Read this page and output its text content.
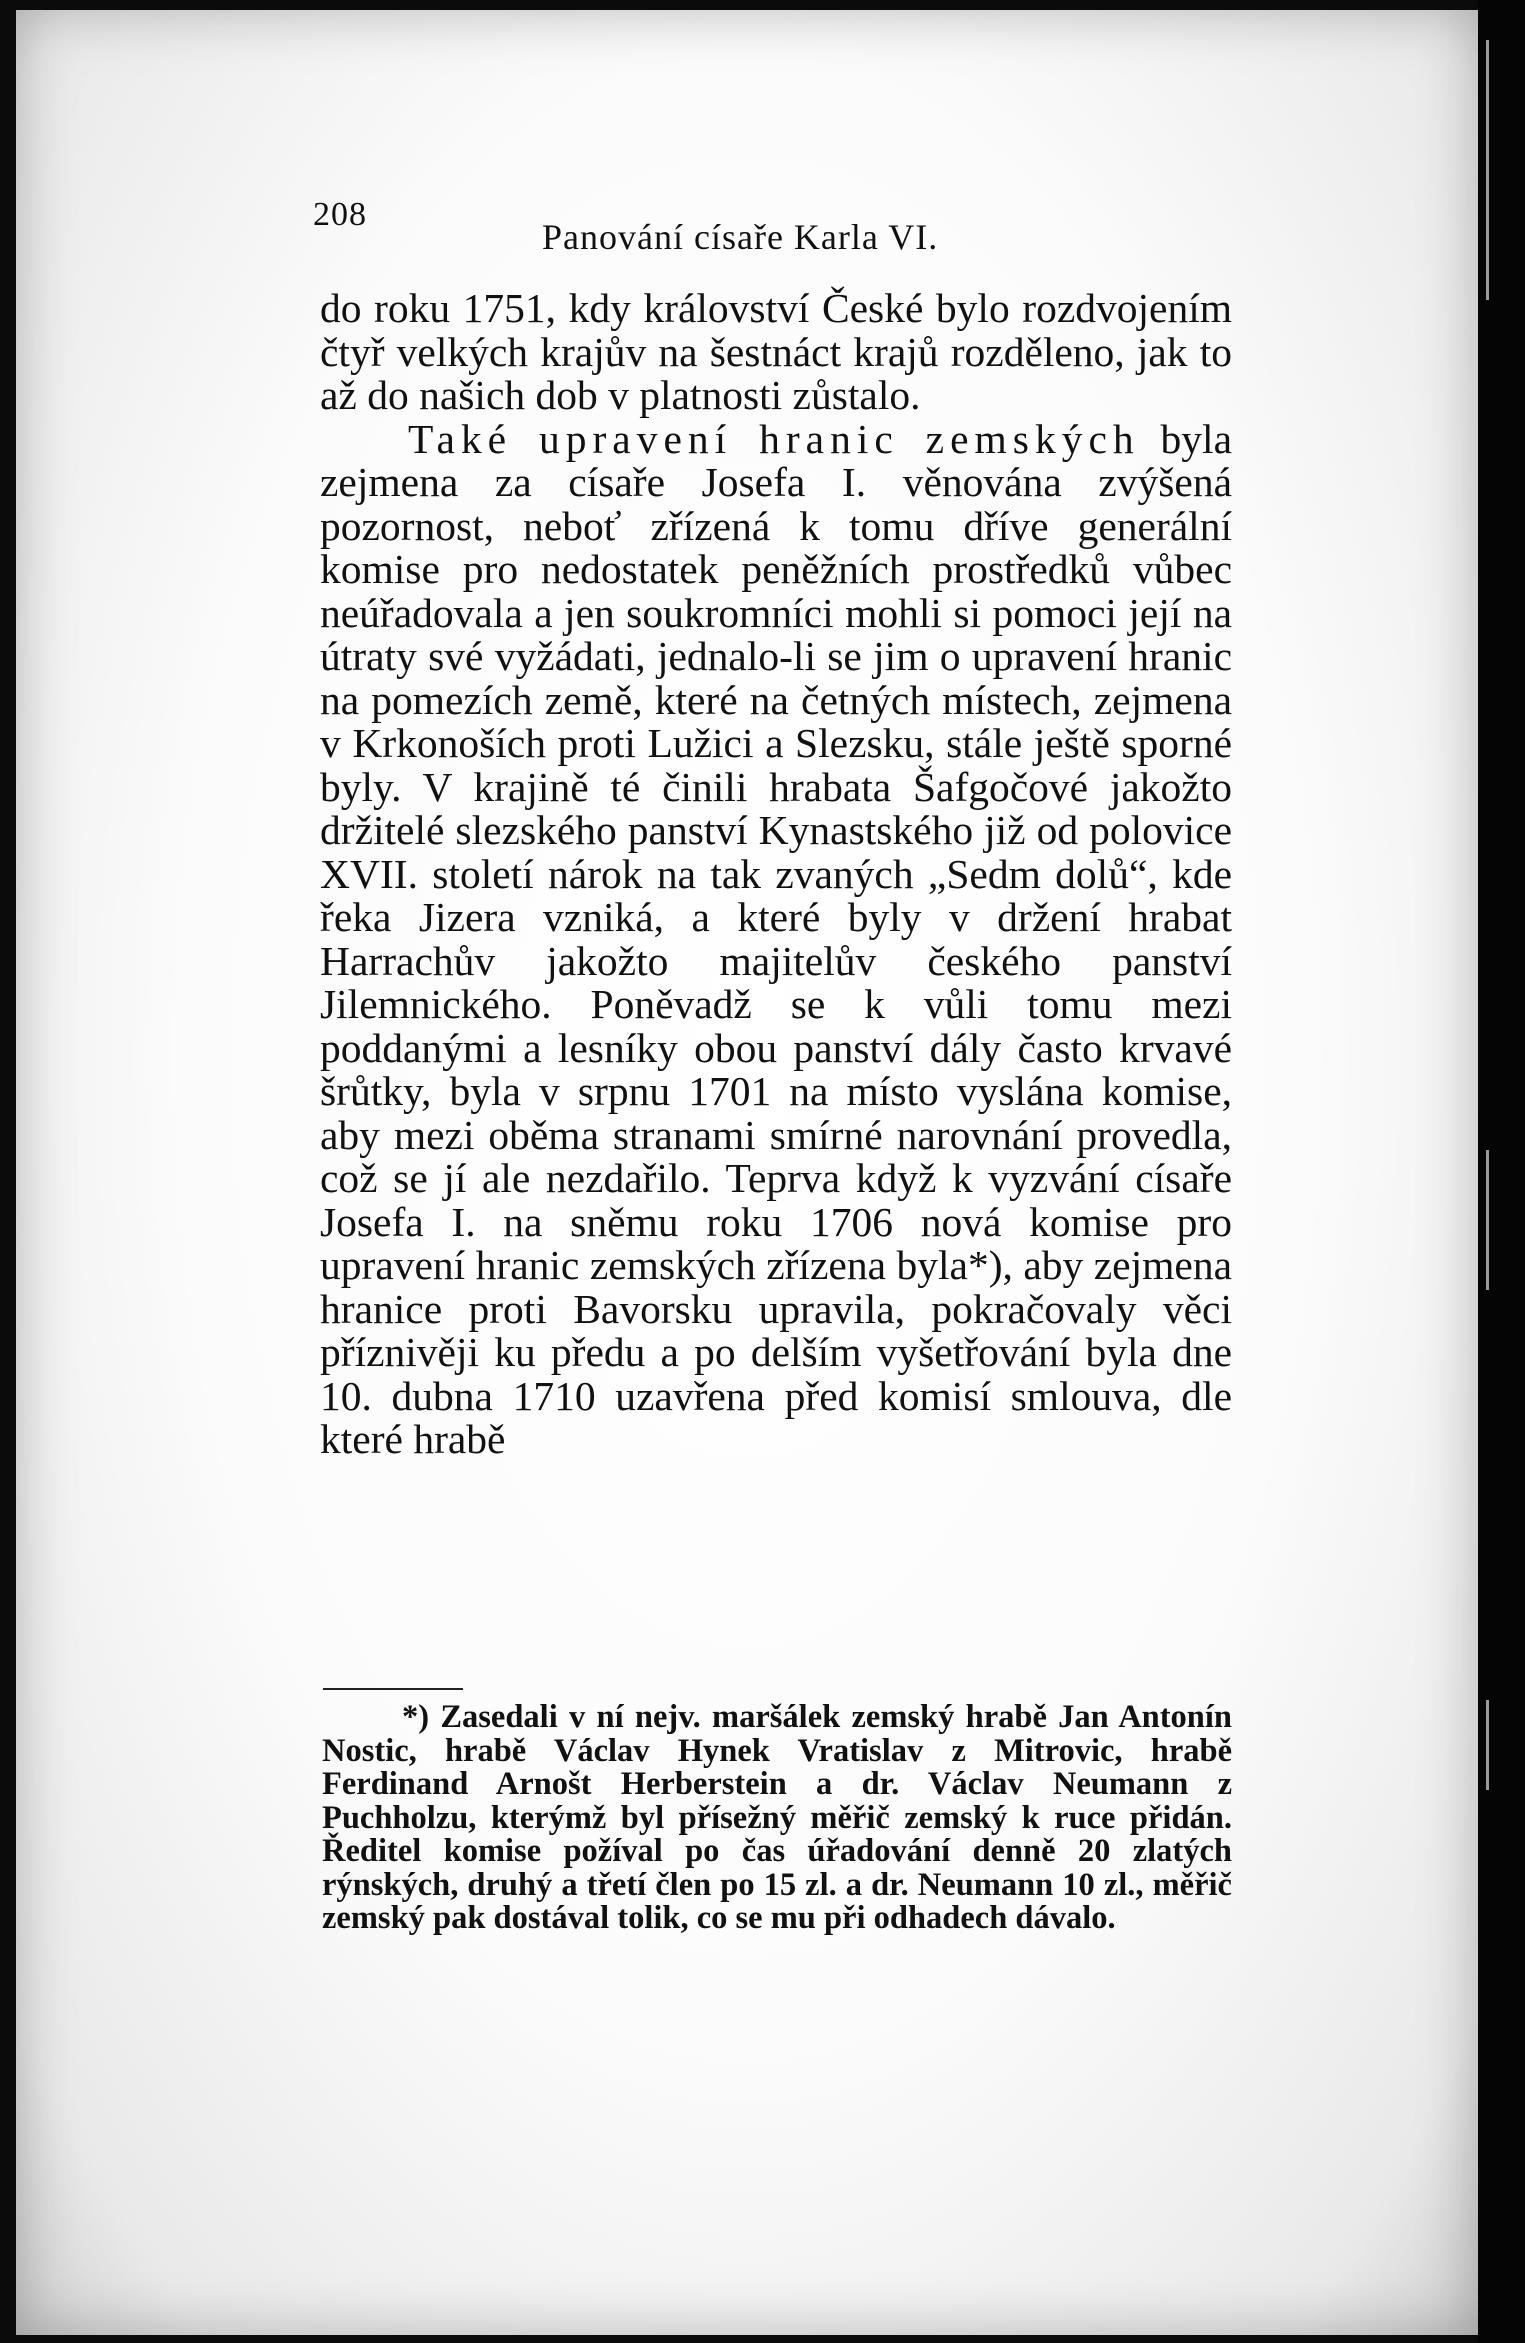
208
Panování císaře Karla VI.

do roku 1751, kdy království České bylo rozdvojením čtyř velkých krajův na šestnáct krajů rozděleno, jak to až do našich dob v platnosti zůstalo.

Také upravení hranic zemských byla zejmena za císaře Josefa I. věnována zvýšená pozornost, neboť zřízená k tomu dříve generální komise pro nedostatek peněžních prostředků vůbec neúřadovala a jen soukromníci mohli si pomoci její na útraty své vyžádati, jednalo-li se jim o upravení hranic na pomezích země, které na četných místech, zejmena v Krkonoších proti Lužici a Slezsku, stále ještě sporné byly. V krajině té činili hrabata Šafgočové jakožto držitelé slezského panství Kynastského již od polovice XVII. století nárok na tak zvaných „Sedm dolů“, kde řeka Jizera vzniká, a které byly v držení hrabat Harrachův jakožto majitelův českého panství Jilemnického. Poněvadž se k vůli tomu mezi poddanými a lesníky obou panství dály často krvavé šrůtky, byla v srpnu 1701 na místo vyslána komise, aby mezi oběma stranami smírné narovnání provedla, což se jí ale nezdařilo. Teprva když k vyzvání císaře Josefa I. na sněmu roku 1706 nová komise pro upravení hranic zemských zřízena byla*), aby zejmena hranice proti Bavorsku upravila, pokračovaly věci příznivěji ku předu a po delším vyšetřování byla dne 10. dubna 1710 uzavřena před komisí smlouva, dle které hrabě

*) Zasedali v ní nejv. maršálek zemský hrabě Jan Antonín Nostic, hrabě Václav Hynek Vratislav z Mitrovic, hrabě Ferdinand Arnošt Herberstein a dr. Václav Neumann z Puchholzu, kterýmž byl přísežný měřič zemský k ruce přidán. Ředitel komise požíval po čas úřadování denně 20 zlatých rýnských, druhý a třetí člen po 15 zl. a dr. Neumann 10 zl., měřič zemský pak dostával tolik, co se mu při odhadech dávalo.
